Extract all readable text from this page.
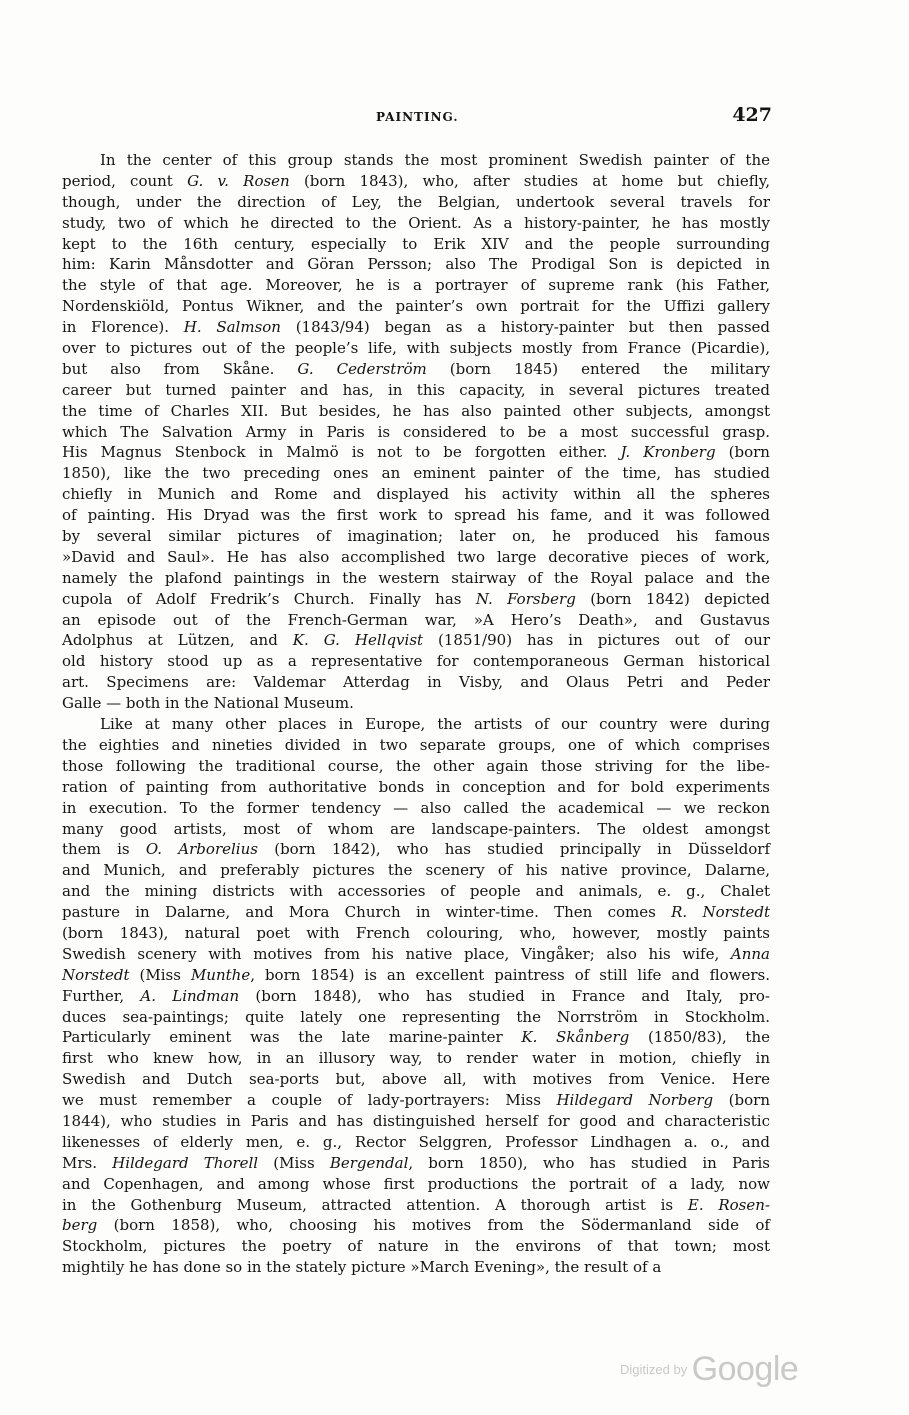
PAINTING.	427
In the center of this group stands the most prominent Swedish painter of the
period, count G. v. Rosen (born 1843), who, after studies at home but chiefly,
though, under the direction of Ley, the Belgian, undertook several travels for
study, two of which he directed to the Orient. As a history-painter, he has mostly
kept to the 16th century, especially to Erik XIV and the people surrounding
him: Karin Månsdotter and Göran Persson; also The Prodigal Son is depicted in
the style of that age. Moreover, he is a portrayer of supreme rank (his Father,
Nordenskiöld, Pontus Wikner, and the painter’s own portrait for the Uffizi gallery
in Florence). H. Salmson (1843/94) began as a history-painter but then passed
over to pictures out of the people’s life, with subjects mostly from France (Picardie),
but also from Skåne. G. Cederström (born 1845) entered the military
career but turned painter and has, in this capacity, in several pictures treated
the time of Charles XII. But besides, he has also painted other subjects, amongst
which The Salvation Army in Paris is considered to be a most successful grasp.
His Magnus Stenbock in Malmö is not to be forgotten either. J. Kronberg (born
1850), like the two preceding ones an eminent painter of the time, has studied
chiefly in Munich and Rome and displayed his activity within all the spheres
of painting. His Dryad was the first work to spread his fame, and it was followed
by several similar pictures of imagination; later on, he produced his famous
»David and Saul». He has also accomplished two large decorative pieces of work,
namely the plafond paintings in the western stairway of the Royal palace and the
cupola of Adolf Fredrik’s Church. Finally has N. Forsberg (born 1842) depicted
an episode out of the French-German war, »A Hero’s Death», and Gustavus
Adolphus at Lützen, and K. G. Hellqvist (1851/90) has in pictures out of our
old history stood up as a representative for contemporaneous German historical
art. Specimens are: Valdemar Atterdag in Visby, and Olaus Petri and Peder
Galle — both in the National Museum.
Like at many other places in Europe, the artists of our country were during
the eighties and nineties divided in two separate groups, one of which comprises
those following the traditional course, the other again those striving for the libe-
ration of painting from authoritative bonds in conception and for bold experiments
in execution. To the former tendency — also called the academical — we reckon
many good artists, most of whom are landscape-painters. The oldest amongst
them is O. Arborelius (born 1842), who has studied principally in Düsseldorf
and Munich, and preferably pictures the scenery of his native province, Dalarne,
and the mining districts with accessories of people and animals, e. g., Chalet
pasture in Dalarne, and Mora Church in winter-time. Then comes R. Norstedt
(born 1843), natural poet with French colouring, who, however, mostly paints
Swedish scenery with motives from his native place, Vingåker; also his wife, Anna
Norstedt (Miss Munthe, born 1854) is an excellent paintress of still life and flowers.
Further, A. Lindman (born 1848), who has studied in France and Italy, pro-
duces sea-paintings; quite lately one representing the Norrström in Stockholm.
Particularly eminent was the late marine-painter K. Skånberg (1850/83), the
first who knew how, in an illusory way, to render water in motion, chiefly in
Swedish and Dutch sea-ports but, above all, with motives from Venice. Here
we must remember a couple of lady-portrayers: Miss Hildegard Norberg (born
1844), who studies in Paris and has distinguished herself for good and characteristic
likenesses of elderly men, e. g., Rector Selggren, Professor Lindhagen a. o., and
Mrs. Hildegard Thorell (Miss Bergendal, born 1850), who has studied in Paris
and Copenhagen, and among whose first productions the portrait of a lady, now
in the Gothenburg Museum, attracted attention. A thorough artist is E. Rosen-
berg (born 1858), who, choosing his motives from the Södermanland side of
Stockholm, pictures the poetry of nature in the environs of that town; most
mightily he has done so in the stately picture »March Evening», the result of a
Digitized by Google
